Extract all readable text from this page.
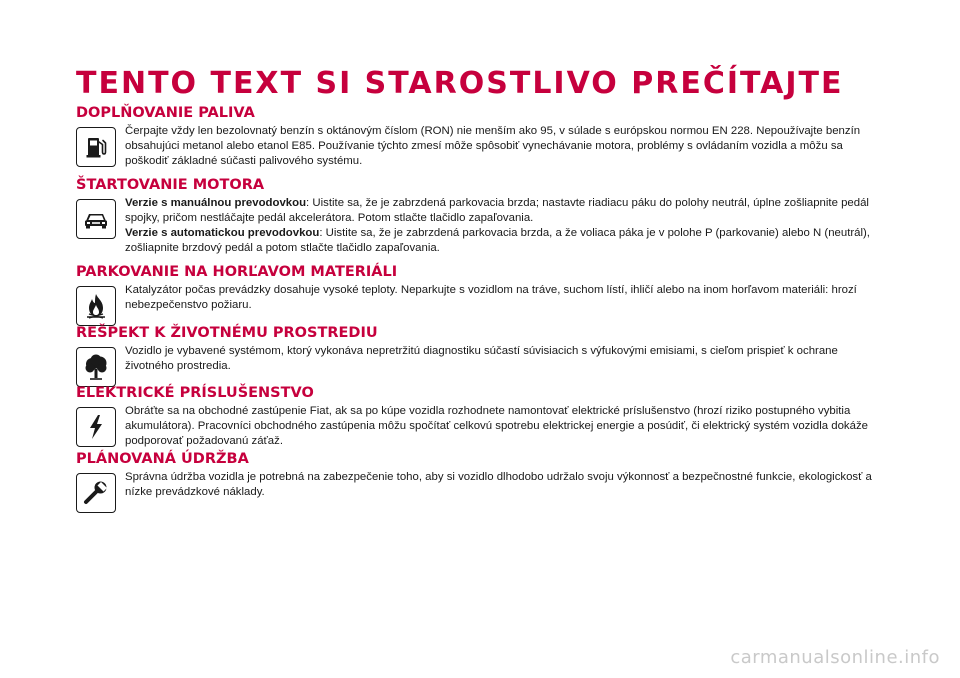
TENTO TEXT SI STAROSTLIVO PREČÍTAJTE
DOPLŇOVANIE PALIVA

Čerpajte vždy len bezolovnatý benzín s oktánovým číslom (RON) nie menším ako 95, v súlade s európskou normou EN 228. Nepoužívajte benzín obsahujúci metanol alebo etanol E85. Používanie týchto zmesí môže spôsobiť vynechávanie motora, problémy s ovládaním vozidla a môžu sa poškodiť základné súčasti palivového systému.

ŠTARTOVANIE MOTORA

Verzie s manuálnou prevodovkou: Uistite sa, že je zabrzdená parkovacia brzda; nastavte riadiacu páku do polohy neutrál, úplne zošliapnite pedál spojky, pričom nestláčajte pedál akcelerátora. Potom stlačte tlačidlo zapaľovania.

Verzie s automatickou prevodovkou: Uistite sa, že je zabrzdená parkovacia brzda, a že voliaca páka je v polohe P (parkovanie) alebo N (neutrál), zošliapnite brzdový pedál a potom stlačte tlačidlo zapaľovania.

PARKOVANIE NA HORĽAVOM MATERIÁLI

Katalyzátor počas prevádzky dosahuje vysoké teploty. Neparkujte s vozidlom na tráve, suchom lístí, ihličí alebo na inom horľavom materiáli: hrozí nebezpečenstvo požiaru.

REŠPEKT K ŽIVOTNÉMU PROSTREDIU

Vozidlo je vybavené systémom, ktorý vykonáva nepretržitú diagnostiku súčastí súvisiacich s výfukovými emisiami, s cieľom prispieť k ochrane životného prostredia.

ELEKTRICKÉ PRÍSLUŠENSTVO

Obráťte sa na obchodné zastúpenie Fiat, ak sa po kúpe vozidla rozhodnete namontovať elektrické príslušenstvo (hrozí riziko postupného vybitia akumulátora). Pracovníci obchodného zastúpenia môžu spočítať celkovú spotrebu elektrickej energie a posúdiť, či elektrický systém vozidla dokáže podporovať požadovanú záťaž.

PLÁNOVANÁ ÚDRŽBA

Správna údržba vozidla je potrebná na zabezpečenie toho, aby si vozidlo dlhodobo udržalo svoju výkonnosť a bezpečnostné funkcie, ekologickosť a nízke prevádzkové náklady.

carmanualsonline.info
